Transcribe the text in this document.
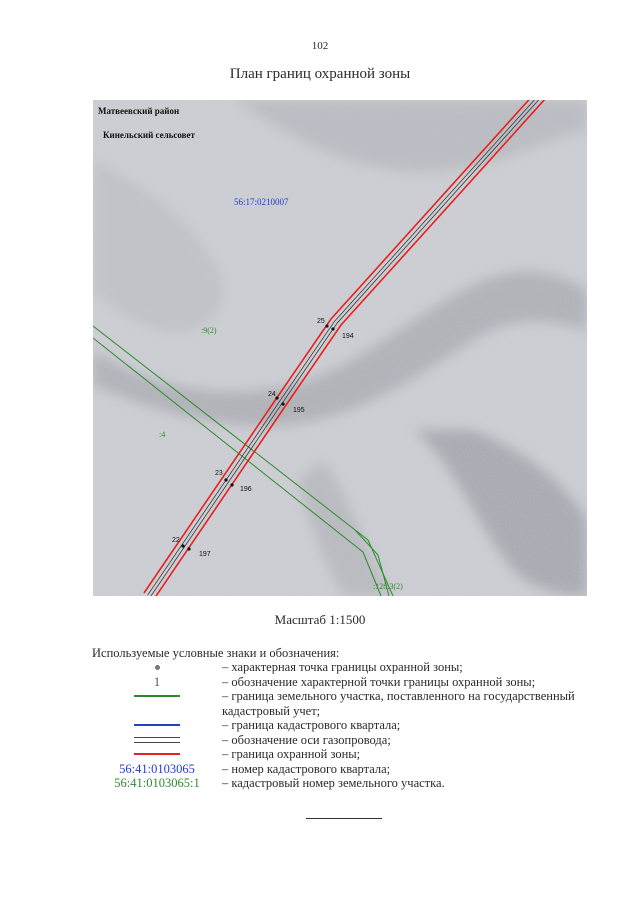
102
План границ охранной зоны
Матвеевский район
Кинельский сельсовет
56:17:0210007
:9(2)
:4
:128:3(2)
25
194
24
195
23
196
22
197
Масштаб 1:1500
Используемые условные знаки и обозначения:
– характерная точка границы охранной зоны;
1	– обозначение характерной точки границы охранной зоны;
– граница земельного участка, поставленного на государственный кадастровый учет;
– граница кадастрового квартала;
– обозначение оси газопровода;
– граница охранной зоны;
56:41:0103065 – номер кадастрового квартала;
56:41:0103065:1 – кадастровый номер земельного участка.
